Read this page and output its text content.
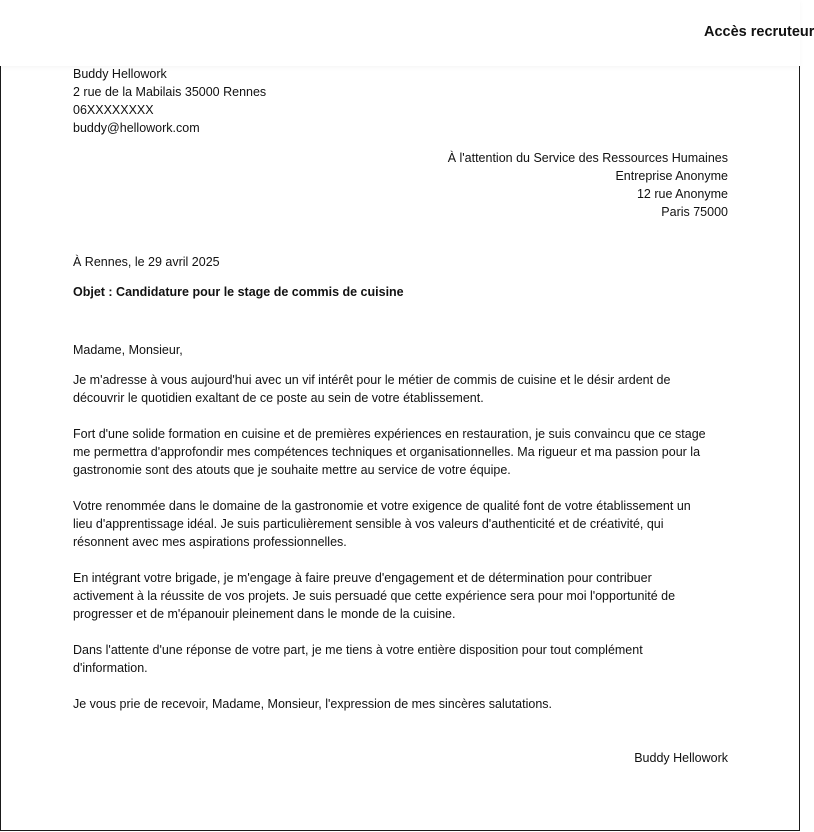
Accès recruteur
Buddy Hellowork
2 rue de la Mabilais 35000 Rennes
06XXXXXXXX
buddy@hellowork.com
À l'attention du Service des Ressources Humaines
Entreprise Anonyme
12 rue Anonyme
Paris 75000
À Rennes, le 29 avril 2025
Objet : Candidature pour le stage de commis de cuisine
Madame, Monsieur,
Je m'adresse à vous aujourd'hui avec un vif intérêt pour le métier de commis de cuisine et le désir ardent de
découvrir le quotidien exaltant de ce poste au sein de votre établissement.
Fort d'une solide formation en cuisine et de premières expériences en restauration, je suis convaincu que ce stage
me permettra d'approfondir mes compétences techniques et organisationnelles. Ma rigueur et ma passion pour la
gastronomie sont des atouts que je souhaite mettre au service de votre équipe.
Votre renommée dans le domaine de la gastronomie et votre exigence de qualité font de votre établissement un
lieu d'apprentissage idéal. Je suis particulièrement sensible à vos valeurs d'authenticité et de créativité, qui
résonnent avec mes aspirations professionnelles.
En intégrant votre brigade, je m'engage à faire preuve d'engagement et de détermination pour contribuer
activement à la réussite de vos projets. Je suis persuadé que cette expérience sera pour moi l'opportunité de
progresser et de m'épanouir pleinement dans le monde de la cuisine.
Dans l'attente d'une réponse de votre part, je me tiens à votre entière disposition pour tout complément
d'information.
Je vous prie de recevoir, Madame, Monsieur, l'expression de mes sincères salutations.
Buddy Hellowork
